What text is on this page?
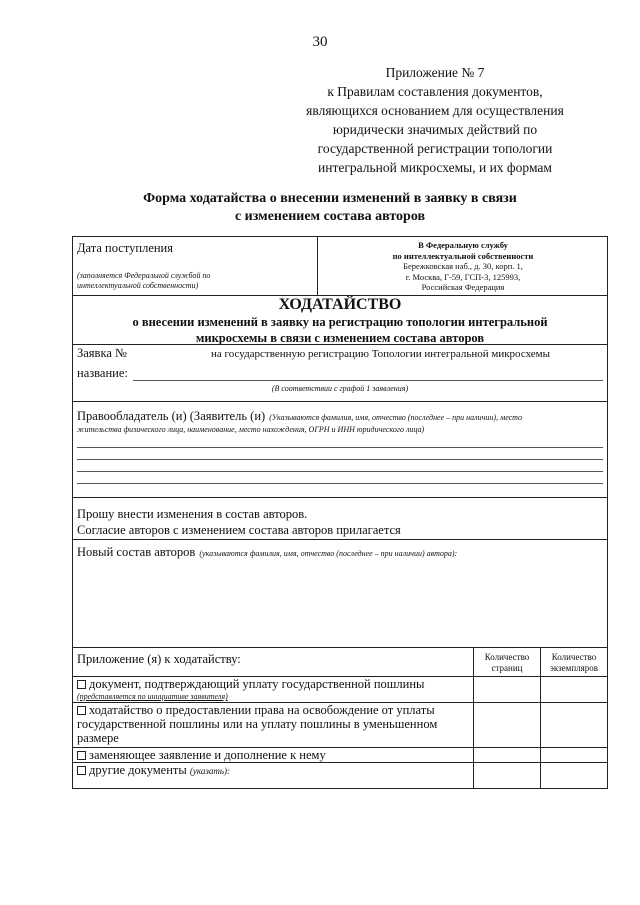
30
Приложение № 7
к Правилам составления документов,
являющихся основанием для осуществления
юридически значимых действий по
государственной регистрации топологии
интегральной микросхемы, и их формам
Форма ходатайства о внесении изменений в заявку в связи
с изменением состава авторов
Дата поступления
(заполняется Федеральной службой по
интеллектуальной собственности)
В Федеральную службу
по интеллектуальной собственности
Бережковская наб., д. 30, корп. 1,
г. Москва, Г-59, ГСП-3, 125993,
Российская Федерация
ХОДАТАЙСТВО
о внесении изменений в заявку на регистрацию топологии интегральной
микросхемы в связи с изменением состава авторов
Заявка №	на государственную регистрацию Топологии интегральной микросхемы
название:
(В соответствии с графой 1 заявления)
Правообладатель (и) (Заявитель (и) (Указываются фамилия, имя, отчество (последнее – при наличии), место
жительства физического лица, наименование, место нахождения, ОГРН и ИНН юридического лица)
Прошу внести изменения в состав авторов.
Согласие авторов с изменением состава авторов прилагается
Новый состав авторов (указываются фамилия, имя, отчество (последнее – при наличии) автора):
Приложение (я) к ходатайству:	Количество
страниц
Количество
экземпляров
документ, подтверждающий уплату государственной пошлины
(представляется по инициативе заявителя)
ходатайство о предоставлении права на освобождение от уплаты
государственной пошлины или на уплату пошлины в уменьшенном
размере
заменяющее заявление и дополнение к нему
другие документы (указать):
